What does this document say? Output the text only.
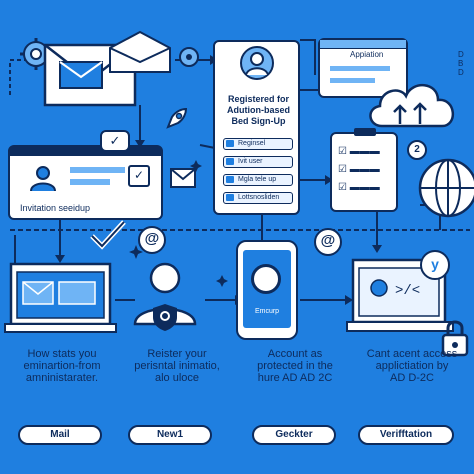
Invitation seeidup
✓
✓
Registered for
Adution-based
Bed Sign-Up
Reginsel
Ivit user
Mgla tele up
Lottsnosliden
Appiation	DBD
☑ ▬▬▬
☑ ▬▬▬
☑ ▬▬▬
@	@
Emcurp
>/<
How stats you
eminartion-from
amninistarater.
Reister your
perisntal inimatio,
alo uloce
Account as
protected in the
hure AD AD 2C
Cant acent access
applictiation by
AD D-2C
Mail	New1	Geckter	Verifftation
2
y
